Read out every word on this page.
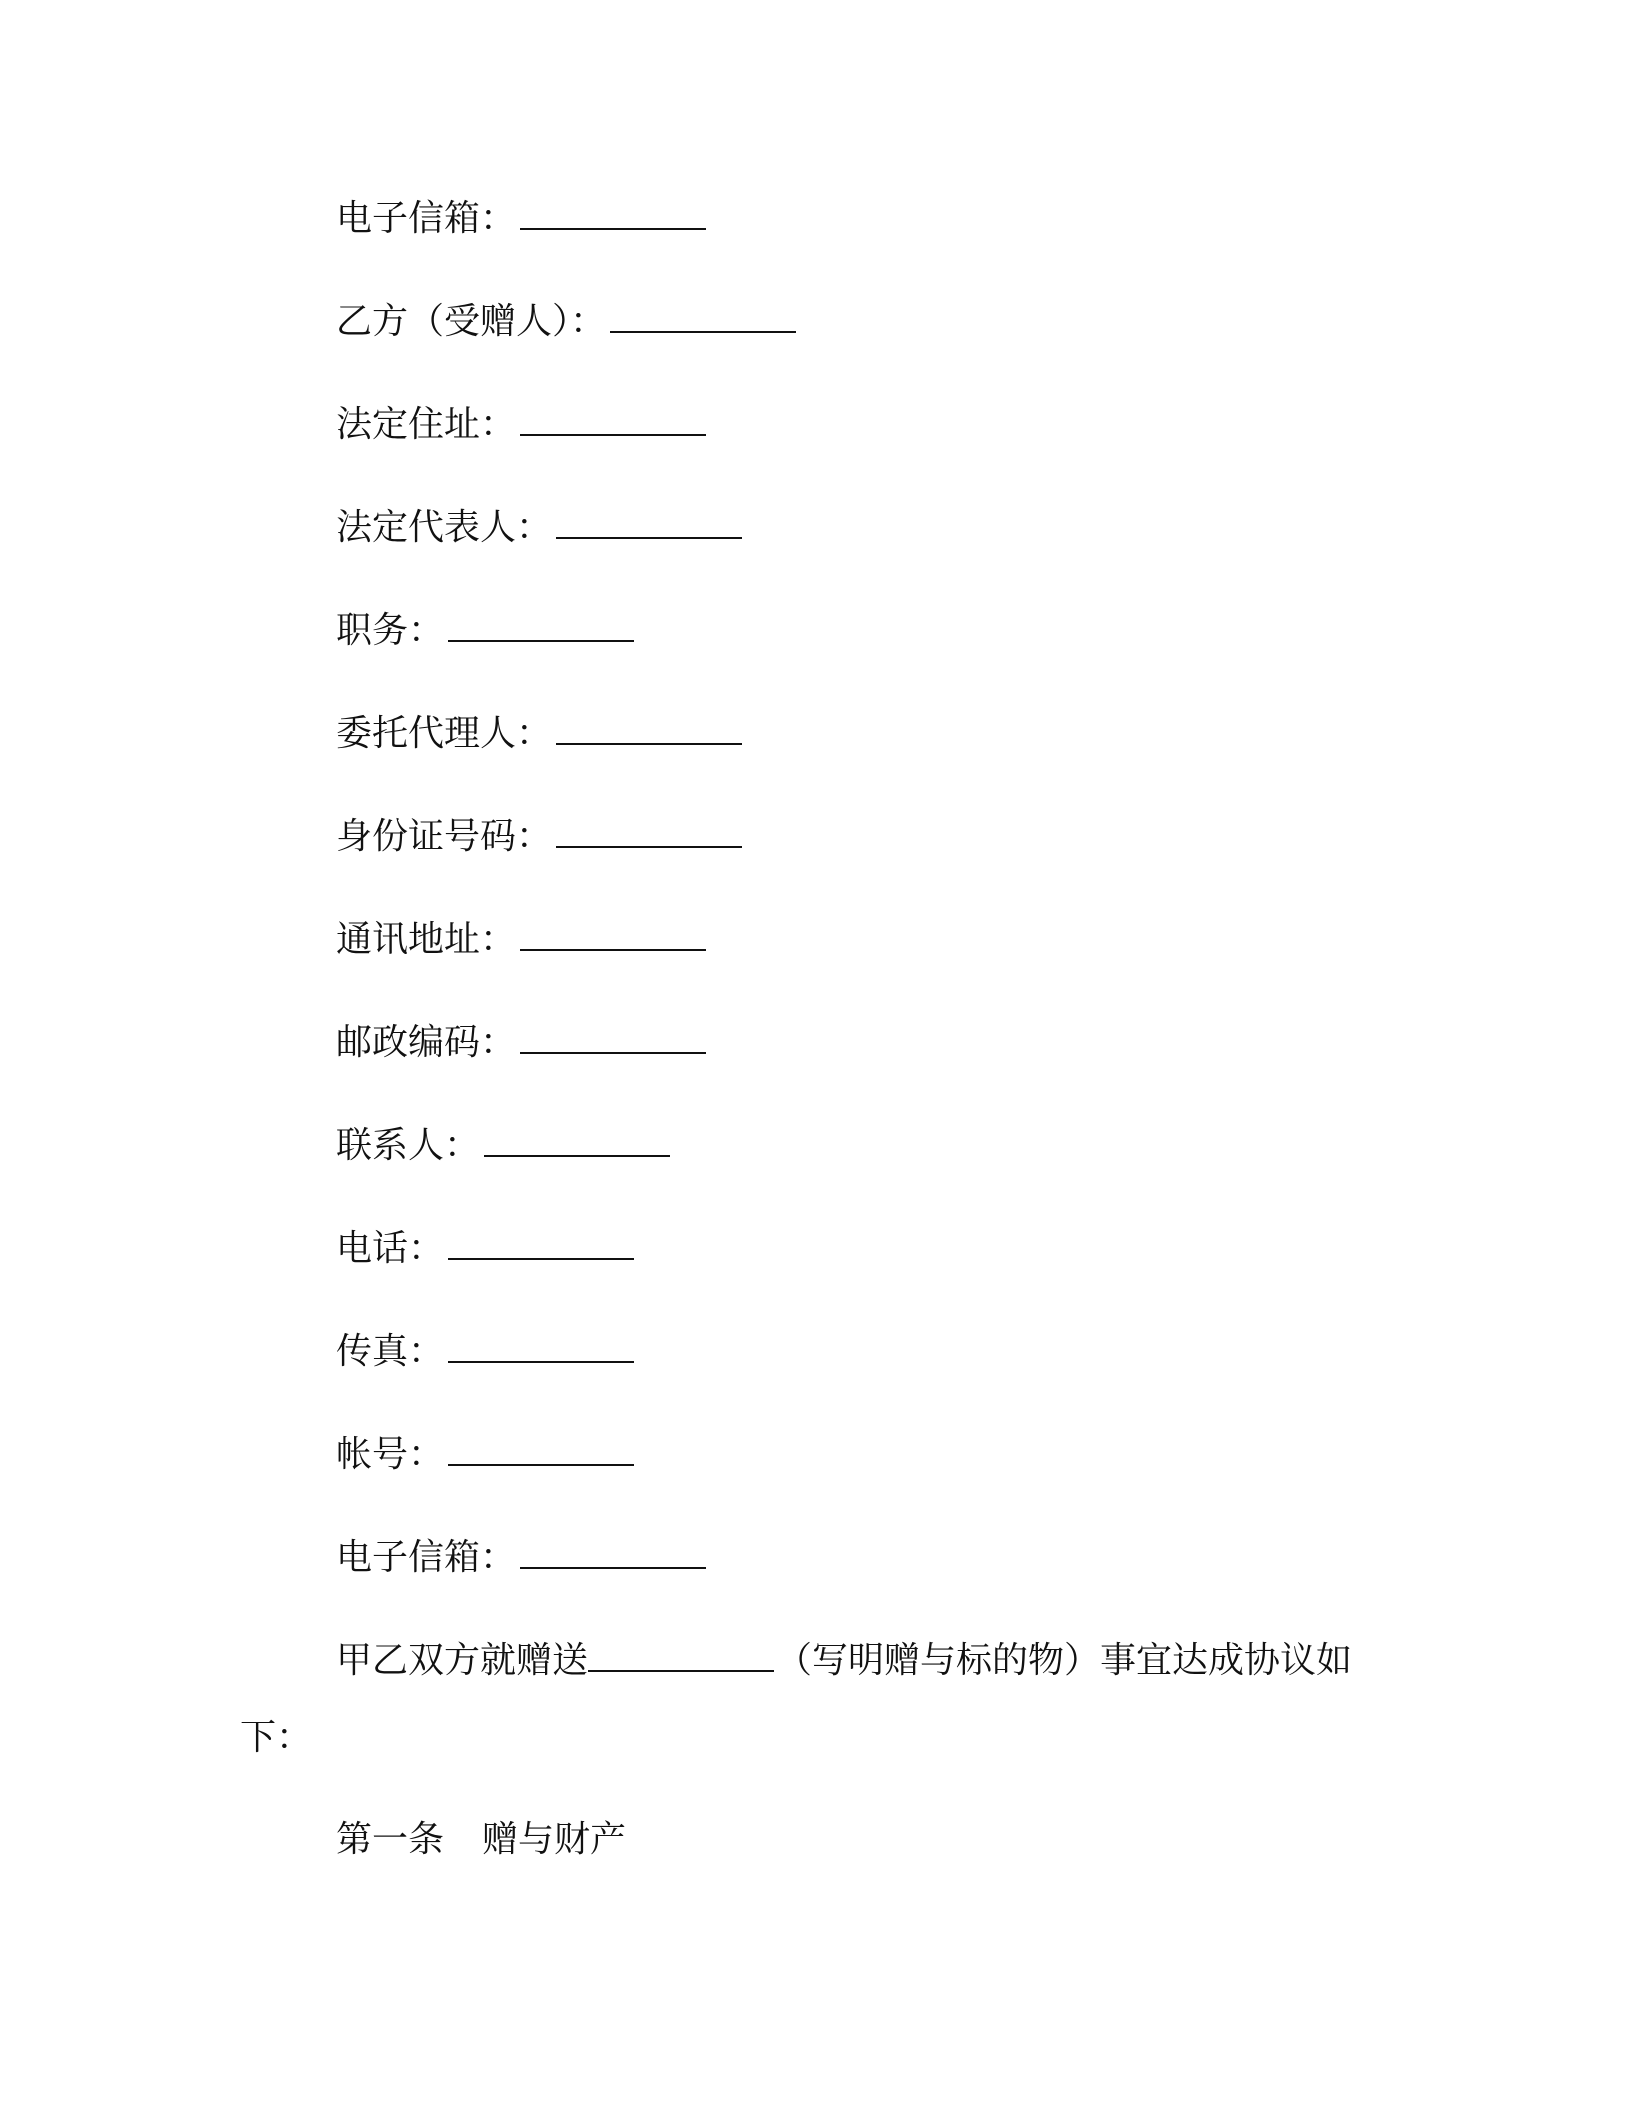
电子信箱：
乙方（受赠人）：
法定住址：
法定代表人：
职务：
委托代理人：
身份证号码：
通讯地址：
邮政编码：
联系人：
电话：
传真：
帐号：
电子信箱：
甲乙双方就赠送	（写明赠与标的物）事宜达成协议如
下：
第一条 赠与财产
